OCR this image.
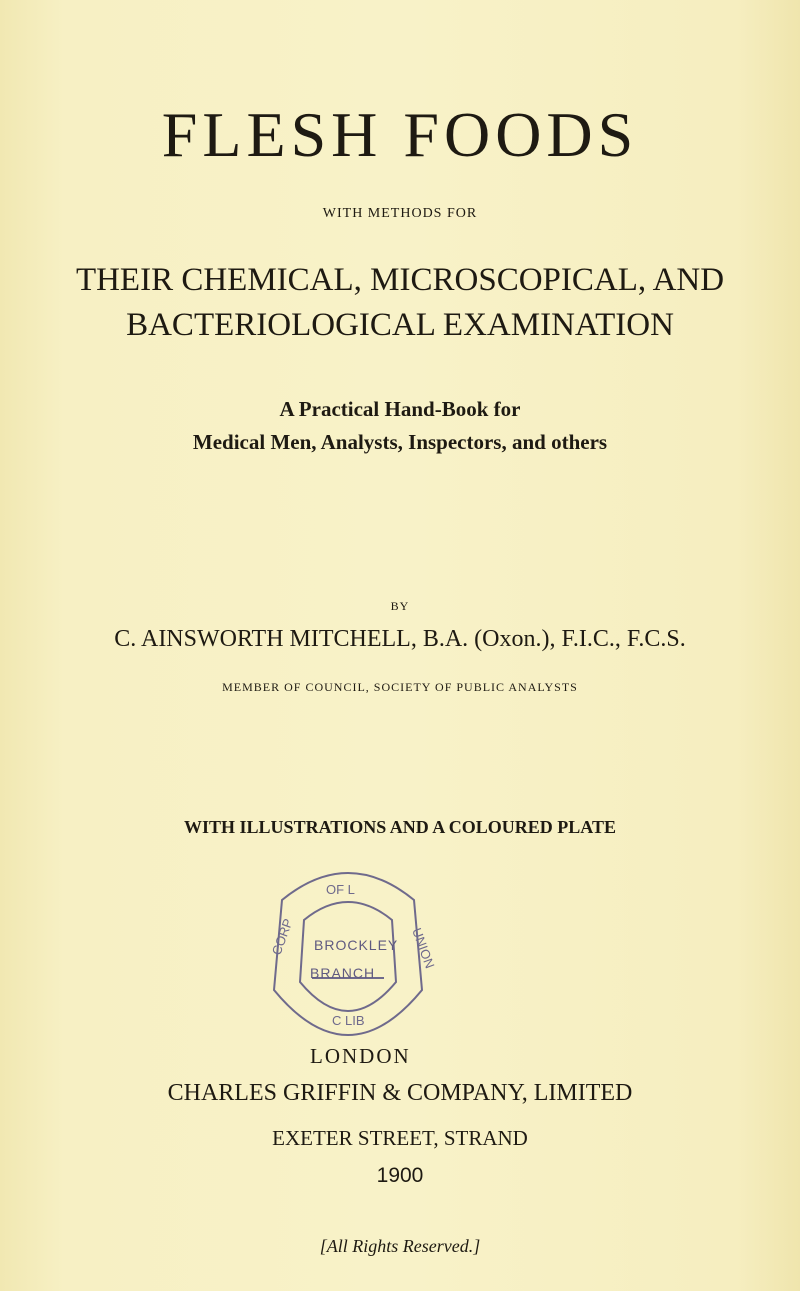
FLESH FOODS
WITH METHODS FOR
THEIR CHEMICAL, MICROSCOPICAL, AND
BACTERIOLOGICAL EXAMINATION
A Practical Hand-Book for
Medical Men, Analysts, Inspectors, and others
BY
C. AINSWORTH MITCHELL, B.A. (Oxon.), F.I.C., F.C.S.
MEMBER OF COUNCIL, SOCIETY OF PUBLIC ANALYSTS
WITH ILLUSTRATIONS AND A COLOURED PLATE
OF L
CORP	UNION
C LIB
BROCKLEY
BRANCH
LONDON
CHARLES GRIFFIN & COMPANY, LIMITED
EXETER STREET, STRAND
1900
[All Rights Reserved.]
